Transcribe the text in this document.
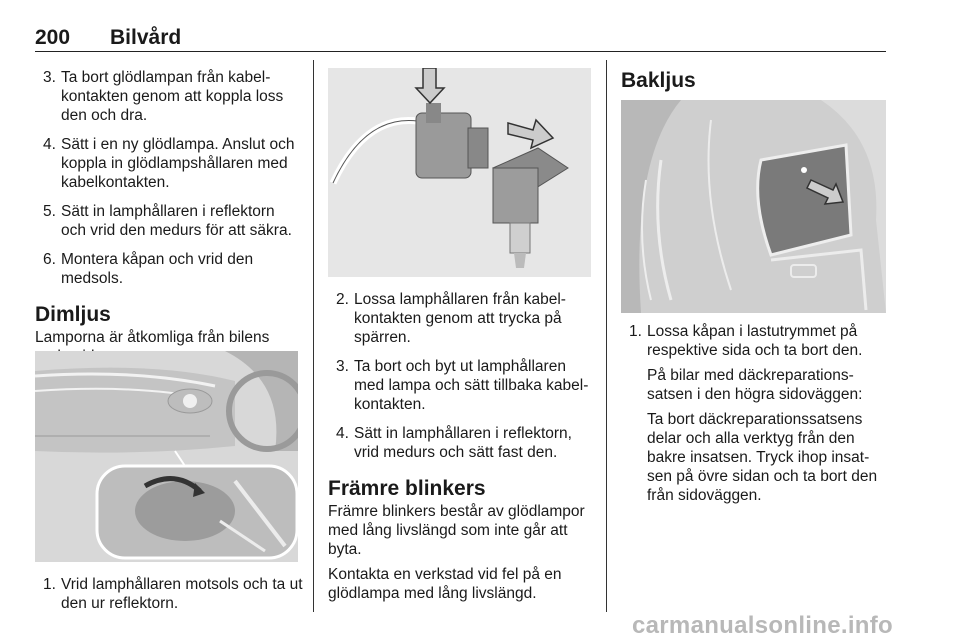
200 Bilvård
3. Ta bort glödlampan från kabelkontakten genom att koppla loss den och dra.
4. Sätt i en ny glödlampa. Anslut och koppla in glödlampshållaren med kabelkontakten.
5. Sätt in lamphållaren i reflektorn och vrid den medurs för att säkra.
6. Montera kåpan och vrid den medsols.
Dimljus

Lamporna är åtkomliga från bilens

1. Vrid lamphållaren motsols och ta ut den ur reflektorn.
2. Lossa lamphållaren från kabelkontakten genom att trycka på spärren.
3. Ta bort och byt ut lamphållaren med lampa och sätt tillbaka kabelkontakten.
4. Sätt in lamphållaren i reflektorn, vrid medurs och sätt fast den.
Främre blinkers

Främre blinkers består av glödlampor med lång livslängd som inte går att byta.

Kontakta en verkstad vid fel på en glödlampa med lång livslängd.

Bakljus
1. Lossa kåpan i lastutrymmet på respektive sida och ta bort den.

På bilar med däckreparationssatsen i den högra sidoväggen:

Ta bort däckreparationssatsens delar och alla verktyg från den bakre insatsen. Tryck ihop insatsen på övre sidan och ta bort den från sidoväggen.

carmanualsonline.info
